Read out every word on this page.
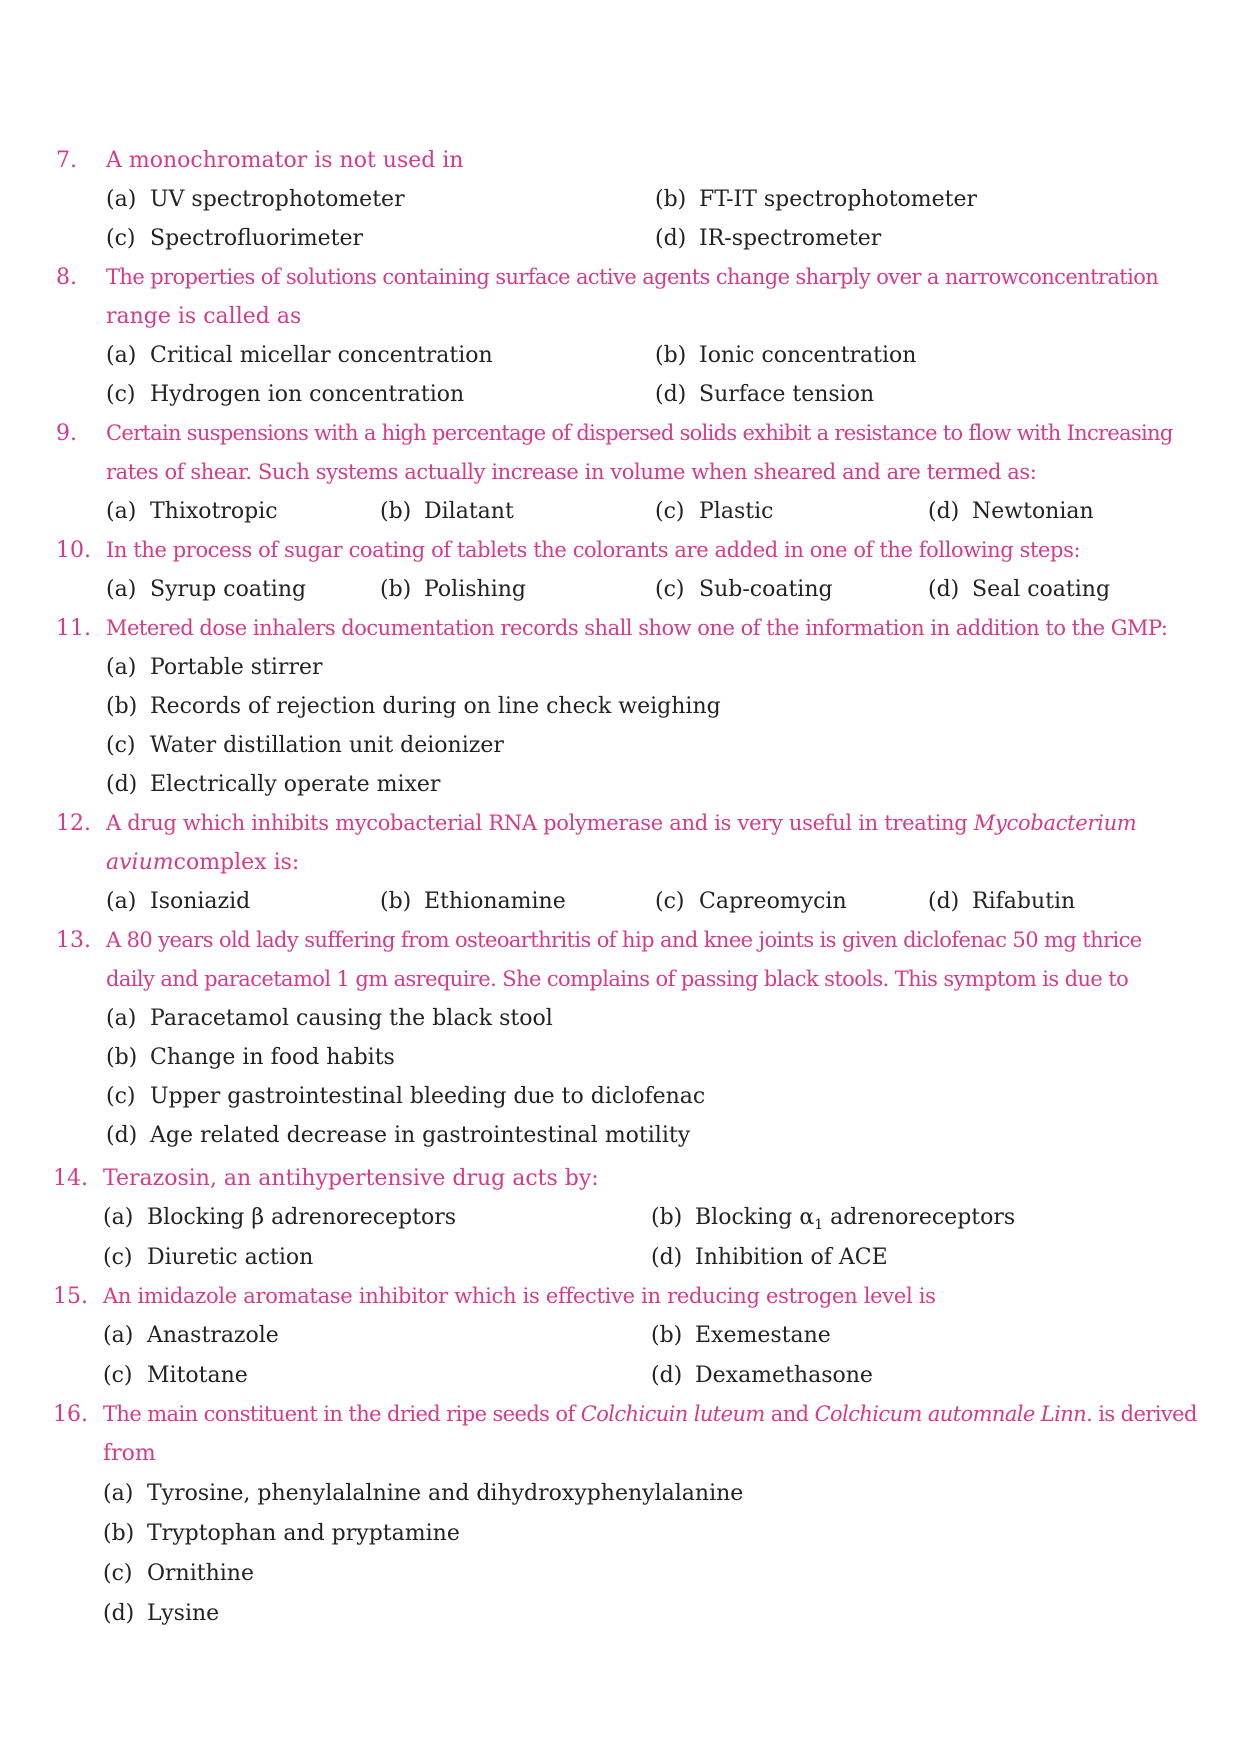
7. A monochromator is not used in
(a) UV spectrophotometer	(b) FT-IT spectrophotometer
(c) Spectrofluorimeter	(d) IR-spectrometer
8. The properties of solutions containing surface active agents change sharply over a narrowconcentration
range is called as
(a) Critical micellar concentration	(b) Ionic concentration
(c) Hydrogen ion concentration	(d) Surface tension
9. Certain suspensions with a high percentage of dispersed solids exhibit a resistance to flow with Increasing
rates of shear. Such systems actually increase in volume when sheared and are termed as:
(a) Thixotropic	(b) Dilatant	(c) Plastic	(d) Newtonian
10. In the process of sugar coating of tablets the colorants are added in one of the following steps:
(a) Syrup coating	(b) Polishing	(c) Sub-coating	(d) Seal coating
11. Metered dose inhalers documentation records shall show one of the information in addition to the GMP:
(a) Portable stirrer
(b) Records of rejection during on line check weighing
(c) Water distillation unit deionizer
(d) Electrically operate mixer
12. A drug which inhibits mycobacterial RNA polymerase and is very useful in treating Mycobacterium
aviumcomplex is:
(a) Isoniazid	(b) Ethionamine	(c) Capreomycin	(d) Rifabutin
13. A 80 years old lady suffering from osteoarthritis of hip and knee joints is given diclofenac 50 mg thrice
daily and paracetamol 1 gm asrequire. She complains of passing black stools. This symptom is due to
(a) Paracetamol causing the black stool
(b) Change in food habits
(c) Upper gastrointestinal bleeding due to diclofenac
(d) Age related decrease in gastrointestinal motility
14. Terazosin, an antihypertensive drug acts by:
(a) Blocking β adrenoreceptors	(b) Blocking $\alpha_1$ adrenoreceptors
(c) Diuretic action	(d) Inhibition of ACE
15. An imidazole aromatase inhibitor which is effective in reducing estrogen level is
(a) Anastrazole	(b) Exemestane
(c) Mitotane	(d) Dexamethasone
16. The main constituent in the dried ripe seeds of Colchicuin luteum and Colchicum automnale Linn. is derived
from
(a) Tyrosine, phenylalalnine and dihydroxyphenylalanine
(b) Tryptophan and pryptamine
(c) Ornithine
(d) Lysine
